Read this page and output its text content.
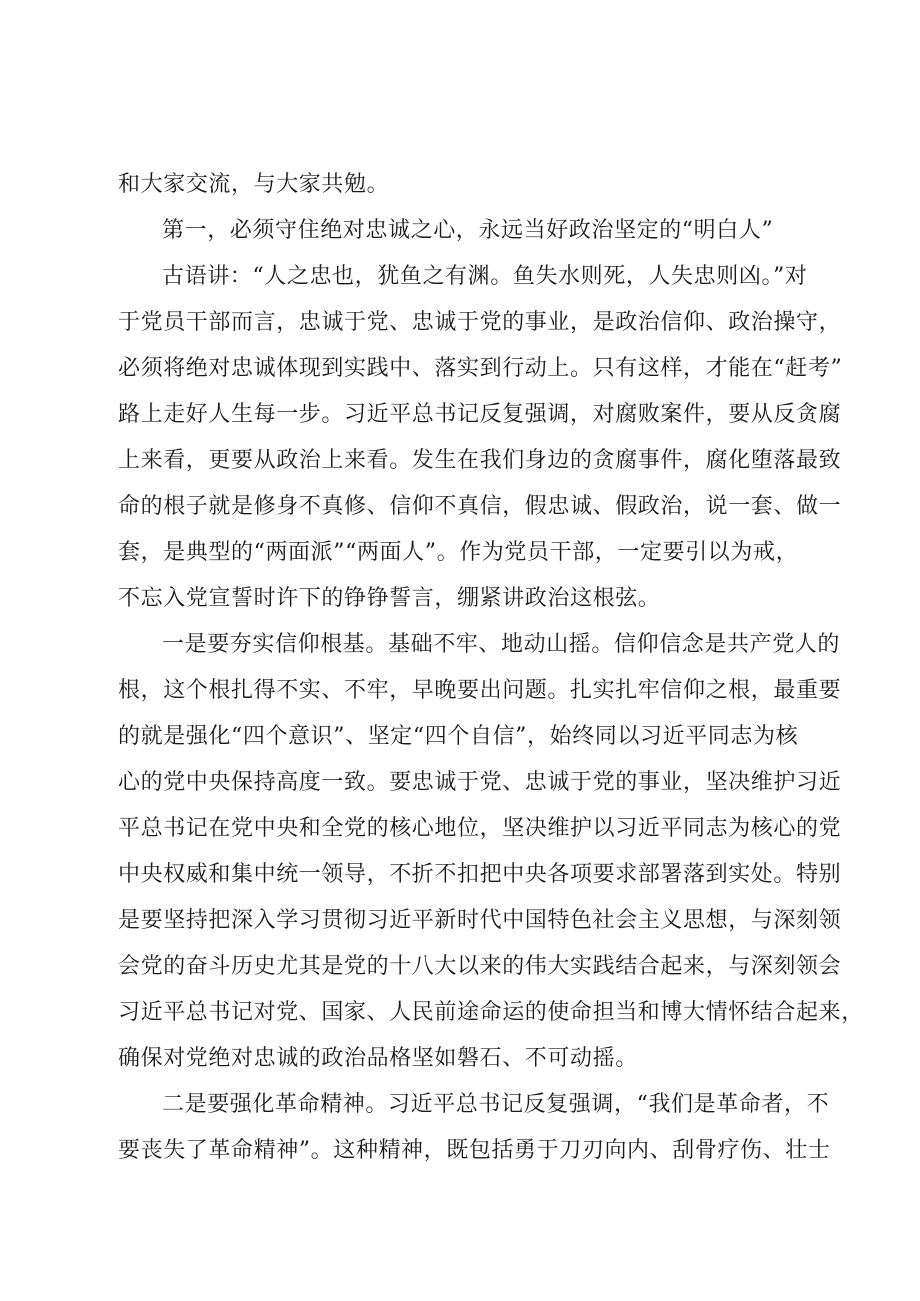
和大家交流，与大家共勉。
第一，必须守住绝对忠诚之心，永远当好政治坚定的“明白人”
古语讲：“人之忠也，犹鱼之有渊。鱼失水则死，人失忠则凶。”对
于党员干部而言，忠诚于党、忠诚于党的事业，是政治信仰、政治操守，
必须将绝对忠诚体现到实践中、落实到行动上。只有这样，才能在“赶考”
路上走好人生每一步。习近平总书记反复强调，对腐败案件，要从反贪腐
上来看，更要从政治上来看。发生在我们身边的贪腐事件，腐化堕落最致
命的根子就是修身不真修、信仰不真信，假忠诚、假政治，说一套、做一
套，是典型的“两面派”“两面人”。作为党员干部，一定要引以为戒，
不忘入党宣誓时许下的铮铮誓言，绷紧讲政治这根弦。
一是要夯实信仰根基。基础不牢、地动山摇。信仰信念是共产党人的
根，这个根扎得不实、不牢，早晚要出问题。扎实扎牢信仰之根，最重要
的就是强化“四个意识”、坚定“四个自信”，始终同以习近平同志为核
心的党中央保持高度一致。要忠诚于党、忠诚于党的事业，坚决维护习近
平总书记在党中央和全党的核心地位，坚决维护以习近平同志为核心的党
中央权威和集中统一领导，不折不扣把中央各项要求部署落到实处。特别
是要坚持把深入学习贯彻习近平新时代中国特色社会主义思想，与深刻领
会党的奋斗历史尤其是党的十八大以来的伟大实践结合起来，与深刻领会
习近平总书记对党、国家、人民前途命运的使命担当和博大情怀结合起来，
确保对党绝对忠诚的政治品格坚如磐石、不可动摇。
二是要强化革命精神。习近平总书记反复强调，“我们是革命者，不
要丧失了革命精神”。这种精神，既包括勇于刀刃向内、刮骨疗伤、壮士
